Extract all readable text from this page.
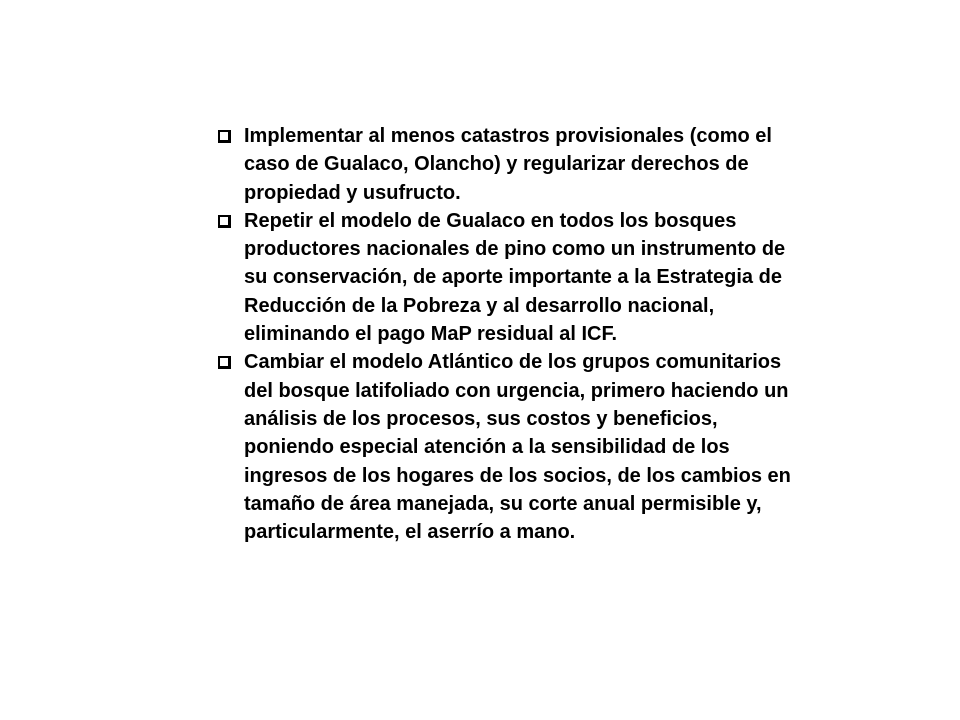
Implementar al menos catastros provisionales (como el caso de Gualaco, Olancho) y regularizar derechos de propiedad y usufructo.
Repetir el modelo de Gualaco en todos los bosques productores nacionales de pino como un instrumento de su conservación, de aporte importante a la Estrategia de Reducción de la Pobreza y al desarrollo nacional, eliminando el pago MaP residual al ICF.
Cambiar el modelo Atlántico de los grupos comunitarios del bosque latifoliado con urgencia, primero haciendo un análisis de los procesos, sus costos y beneficios, poniendo especial atención a la sensibilidad de los ingresos de los hogares de los socios, de los cambios en tamaño de área manejada, su corte anual permisible y, particularmente, el aserrío a mano.
